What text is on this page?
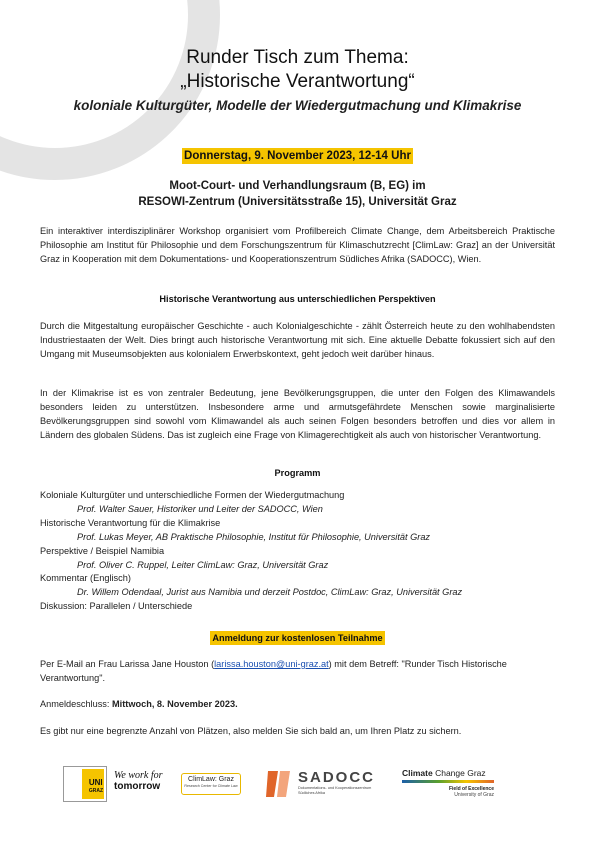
Runder Tisch zum Thema:
„Historische Verantwortung“
koloniale Kulturgüter, Modelle der Wiedergutmachung und Klimakrise
Donnerstag, 9. November 2023, 12-14 Uhr
Moot-Court- und Verhandlungsraum (B, EG) im
RESOWI-Zentrum (Universitätsstraße 15), Universität Graz
Ein interaktiver interdisziplinärer Workshop organisiert vom Profilbereich Climate Change, dem Arbeitsbereich Praktische Philosophie am Institut für Philosophie und dem Forschungszentrum für Klimaschutzrecht [ClimLaw: Graz] an der Universität Graz in Kooperation mit dem Dokumentations- und Kooperationszentrum Südliches Afrika (SADOCC), Wien.
Historische Verantwortung aus unterschiedlichen Perspektiven
Durch die Mitgestaltung europäischer Geschichte - auch Kolonialgeschichte - zählt Österreich heute zu den wohlhabendsten Industriestaaten der Welt. Dies bringt auch historische Verantwortung mit sich. Eine aktuelle Debatte fokussiert sich auf den Umgang mit Museumsobjekten aus kolonialem Erwerbskontext, geht jedoch weit darüber hinaus.
In der Klimakrise ist es von zentraler Bedeutung, jene Bevölkerungsgruppen, die unter den Folgen des Klimawandels besonders leiden zu unterstützen. Insbesondere arme und armutsgefährdete Menschen sowie marginalisierte Bevölkerungsgruppen sind sowohl vom Klimawandel als auch seinen Folgen besonders betroffen und dies vor allem in Ländern des globalen Südens. Das ist zugleich eine Frage von Klimagerechtigkeit als auch von historischer Verantwortung.
Programm
Koloniale Kulturgüter und unterschiedliche Formen der Wiedergutmachung
Prof. Walter Sauer, Historiker und Leiter der SADOCC, Wien
Historische Verantwortung für die Klimakrise
Prof. Lukas Meyer, AB Praktische Philosophie, Institut für Philosophie, Universität Graz
Perspektive / Beispiel Namibia
Prof. Oliver C. Ruppel, Leiter ClimLaw: Graz, Universität Graz
Kommentar (Englisch)
Dr. Willem Odendaal, Jurist aus Namibia und derzeit Postdoc, ClimLaw: Graz, Universität Graz
Diskussion: Parallelen / Unterschiede
Anmeldung zur kostenlosen Teilnahme
Per E-Mail an Frau Larissa Jane Houston (larissa.houston@uni-graz.at) mit dem Betreff: "Runder Tisch Historische Verantwortung".
Anmeldeschluss: Mittwoch, 8. November 2023.
Es gibt nur eine begrenzte Anzahl von Plätzen, also melden Sie sich bald an, um Ihren Platz zu sichern.
UNI
GRAZ
We work for
tomorrow
ClimLaw: Graz
Research Center for Climate Law	SADOCC
Dokumentations- und Kooperationszentrum
Südliches Afrika
Climate Change Graz
Field of Excellence
University of Graz
